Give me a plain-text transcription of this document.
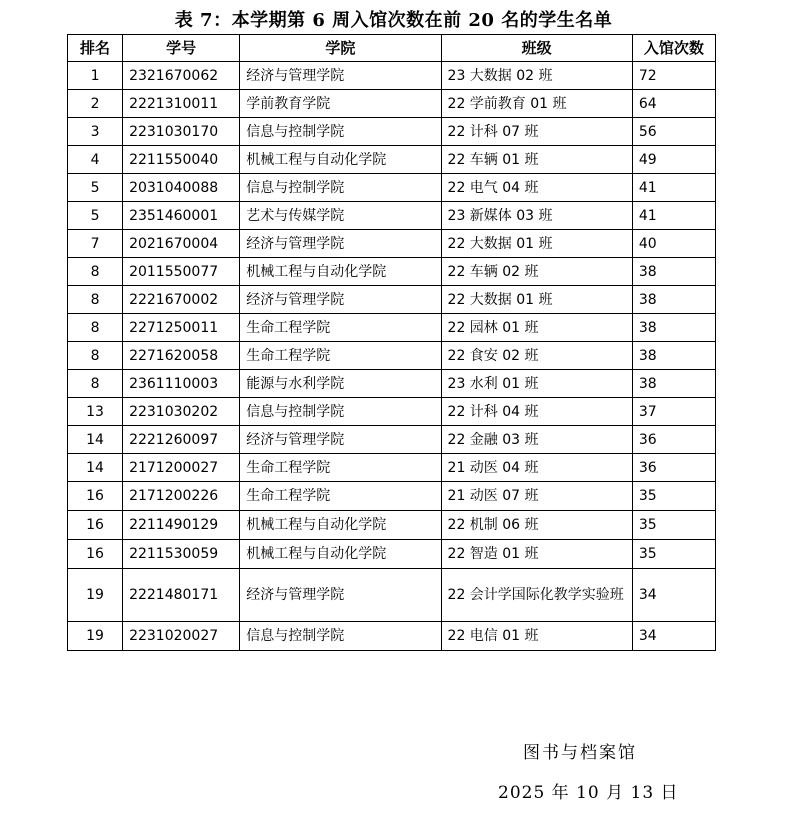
表 7：本学期第 6 周入馆次数在前 20 名的学生名单
排名	学号	学院	班级	入馆次数
1	2321670062	经济与管理学院	23 大数据 02 班	72
2	2221310011	学前教育学院	22 学前教育 01 班	64
3	2231030170	信息与控制学院	22 计科 07 班	56
4	2211550040	机械工程与自动化学院	22 车辆 01 班	49
5	2031040088	信息与控制学院	22 电气 04 班	41
5	2351460001	艺术与传媒学院	23 新媒体 03 班	41
7	2021670004	经济与管理学院	22 大数据 01 班	40
8	2011550077	机械工程与自动化学院	22 车辆 02 班	38
8	2221670002	经济与管理学院	22 大数据 01 班	38
8	2271250011	生命工程学院	22 园林 01 班	38
8	2271620058	生命工程学院	22 食安 02 班	38
8	2361110003	能源与水利学院	23 水利 01 班	38
13	2231030202	信息与控制学院	22 计科 04 班	37
14	2221260097	经济与管理学院	22 金融 03 班	36
14	2171200027	生命工程学院	21 动医 04 班	36
16	2171200226	生命工程学院	21 动医 07 班	35
16	2211490129	机械工程与自动化学院	22 机制 06 班	35
16	2211530059	机械工程与自动化学院	22 智造 01 班	35
19	2221480171	经济与管理学院	22 会计学国际化教学实验班	34
19	2231020027	信息与控制学院	22 电信 01 班	34
图书与档案馆
2025 年 10 月 13 日
